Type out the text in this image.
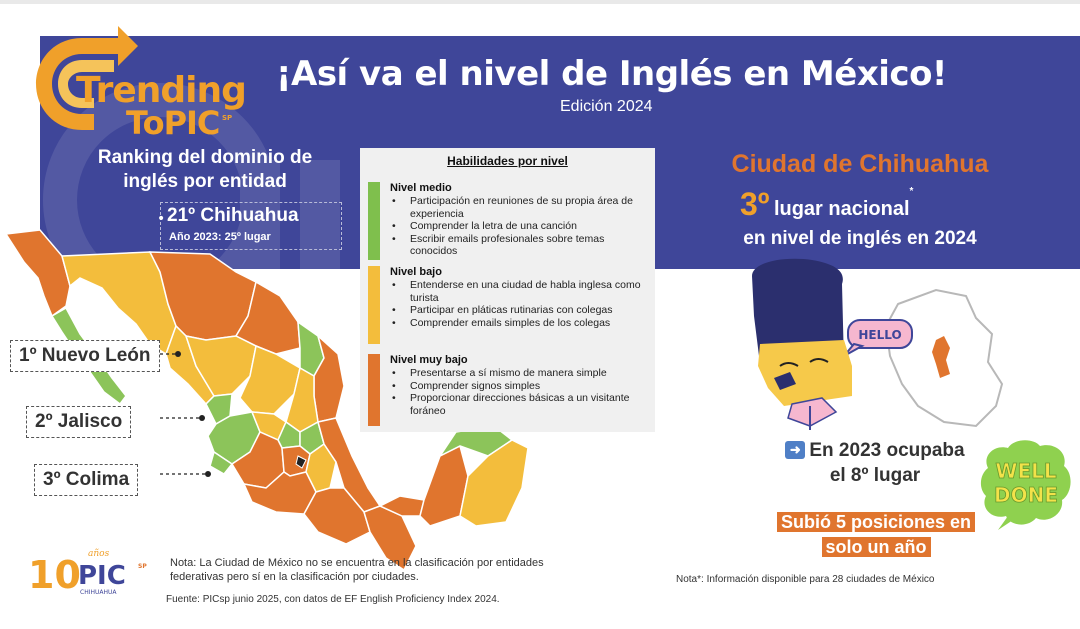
Trending
ToPIC SP
¡Así va el nivel de Inglés en México!
Edición 2024
Ranking del dominio de
inglés por entidad
• 21º Chihuahua
Año 2023: 25º lugar
1º Nuevo León
2º Jalisco
3º Colima
Habilidades por nivel
Nivel medio
• Participación en reuniones de su propia área de experiencia
• Comprender la letra de una canción
• Escribir emails profesionales sobre temas conocidos
Nivel bajo
• Entenderse en una ciudad de habla inglesa como turista
• Participar en pláticas rutinarias con colegas
• Comprender emails simples de los colegas
Nivel muy bajo
• Presentarse a sí mismo de manera simple
• Comprender signos simples
• Proporcionar direcciones básicas a un visitante foráneo
Ciudad de Chihuahua
3º lugar nacional*
en nivel de inglés en 2024
HELLO
WELL
DONE
➜ En 2023 ocupaba
el 8º lugar
Subió 5 posiciones en
solo un año
10 años
PIC SP
CHIHUAHUA
Nota: La Ciudad de México no se encuentra en la clasificación por entidades federativas pero sí en la clasificación por ciudades.
Fuente: PICsp junio 2025, con datos de EF English Proficiency Index 2024.
Nota*: Información disponible para 28 ciudades de México
